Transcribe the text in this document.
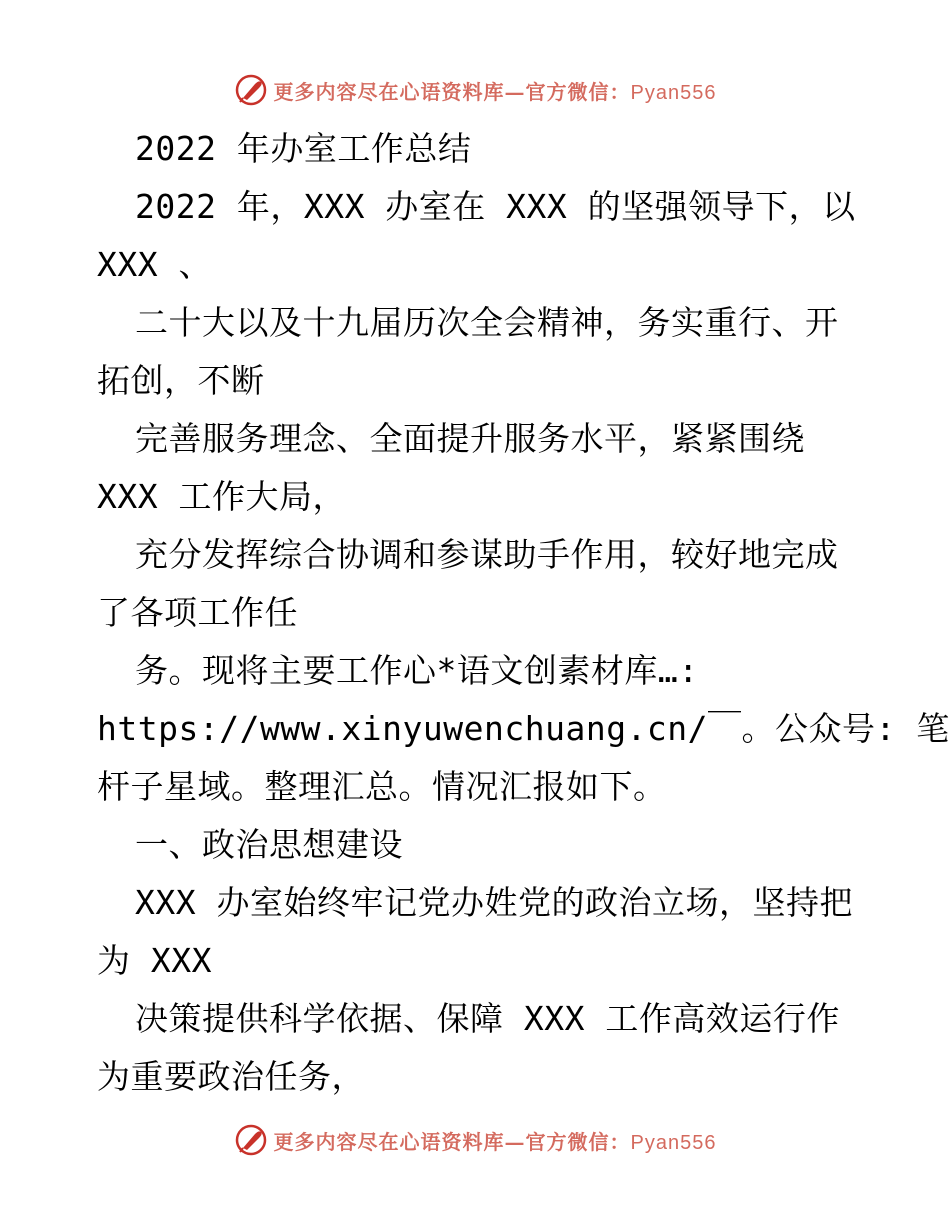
更多内容尽在心语资料库—官方微信：Pyan556
2022 年办室工作总结
2022 年，XXX 办室在 XXX 的坚强领导下，以
XXX 、
二十大以及十九届历次全会精神，务实重行、开
拓创，不断
完善服务理念、全面提升服务水平，紧紧围绕
XXX 工作大局，
充分发挥综合协调和参谋助手作用，较好地完成
了各项工作任
务。现将主要工作心*语文创素材库…:
https://www.xinyuwenchuang.cn/￣。公众号: 笔
杆子星域。整理汇总。情况汇报如下。
一、政治思想建设
XXX 办室始终牢记党办姓党的政治立场，坚持把
为 XXX
决策提供科学依据、保障 XXX 工作高效运行作
为重要政治任务，
更多内容尽在心语资料库—官方微信：Pyan556
